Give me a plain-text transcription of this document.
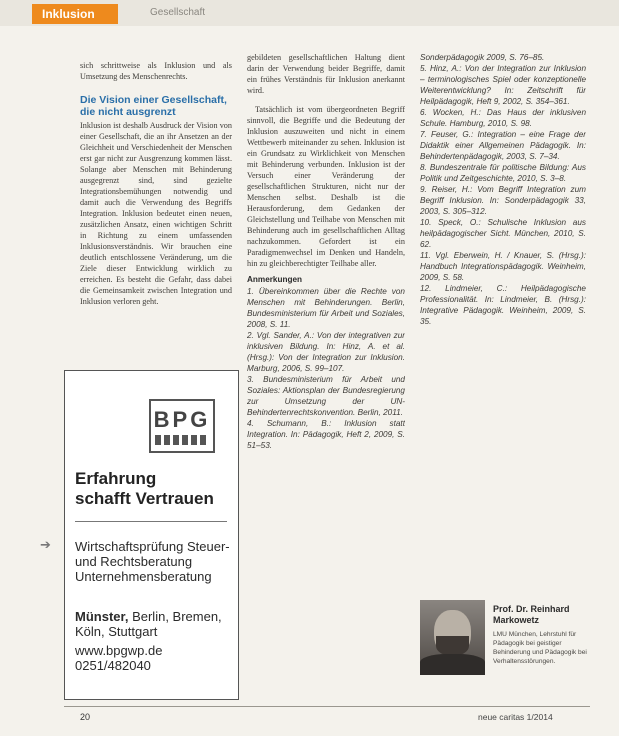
Inklusion	Gesellschaft

sich schrittweise als Inklusion und als Umsetzung des Menschenrechts.

Die Vision einer Gesellschaft,
die nicht ausgrenzt

Inklusion ist deshalb Ausdruck der Vision von einer Gesellschaft, die an ihr Ansetzen an der Gleichheit und Verschiedenheit der Menschen erst gar nicht zur Ausgrenzung kommen lässt. Solange aber Menschen mit Behinderung ausgegrenzt sind, sind gezielte Integrationsbemühungen notwendig und damit auch die Verwendung des Begriffs Integration. Inklusion bedeutet einen neuen, zusätzlichen Ansatz, einen wichtigen Schritt in Richtung zu einem umfassenden Inklusionsverständnis. Wir brauchen eine deutlich entschlossene Veränderung, um die Ziele dieser Entwicklung wirklich zu erreichen. Es besteht die Gefahr, dass dabei die Gemeinsamkeit zwischen Integration und Inklusion verloren geht.

gebildeten gesellschaftlichen Haltung dient darin der Verwendung beider Begriffe, damit ein frühes Verständnis für Inklusion anerkannt wird.

Tatsächlich ist vom übergeordneten Begriff sinnvoll, die Begriffe und die Bedeutung der Inklusion auszuweiten und nicht in einem Wettbewerb miteinander zu sehen. Inklusion ist ein Grundsatz zu Wirklichkeit von Menschen mit Behinderung verbunden. Inklusion ist der Versuch einer Veränderung der gesellschaftlichen Strukturen, nicht nur der Menschen selbst. Deshalb ist die Herausforderung, dem Gedanken der Gleichstellung und Teilhabe von Menschen mit Behinderung auch im gesellschaftlichen Alltag nachzukommen. Gefordert ist ein Paradigmenwechsel im Denken und Handeln, hin zu gleichberechtigter Teilhabe aller.

Anmerkungen

1. Übereinkommen über die Rechte von Menschen mit Behinderungen. Berlin, Bundesministerium für Arbeit und Soziales, 2008, S. 11.

2. Vgl. Sander, A.: Von der integrativen zur inklusiven Bildung. In: Hinz, A. et al. (Hrsg.): Von der Integration zur Inklusion. Marburg, 2006, S. 99–107.

3. Bundesministerium für Arbeit und Soziales: Aktionsplan der Bundesregierung zur Umsetzung der UN-Behindertenrechtskonvention. Berlin, 2011.

4. Schumann, B.: Inklusion statt Integration. In: Pädagogik, Heft 2, 2009, S. 51–53.

Sonderpädagogik 2009, S. 76–85.

5. Hinz, A.: Von der Integration zur Inklusion – terminologisches Spiel oder konzeptionelle Weiterentwicklung? In: Zeitschrift für Heilpädagogik, Heft 9, 2002, S. 354–361.

6. Wocken, H.: Das Haus der inklusiven Schule. Hamburg, 2010, S. 98.

7. Feuser, G.: Integration – eine Frage der Didaktik einer Allgemeinen Pädagogik. In: Behindertenpädagogik, 2003, S. 7–34.

8. Bundeszentrale für politische Bildung: Aus Politik und Zeitgeschichte, 2010, S. 3–8.

9. Reiser, H.: Vom Begriff Integration zum Begriff Inklusion. In: Sonderpädagogik 33, 2003, S. 305–312.

10. Speck, O.: Schulische Inklusion aus heilpädagogischer Sicht. München, 2010, S. 62.

11. Vgl. Eberwein, H. / Knauer, S. (Hrsg.): Handbuch Integrationspädagogik. Weinheim, 2009, S. 58.

12. Lindmeier, C.: Heilpädagogische Professionalität. In: Lindmeier, B. (Hrsg.): Integrative Pädagogik. Weinheim, 2009, S. 35.

BPG
Erfahrung
schafft Vertrauen
Wirtschaftsprüfung Steuer- und Rechtsberatung Unternehmensberatung
Münster, Berlin, Bremen, Köln, Stuttgart
www.bpgwp.de
0251/482040
➔

Prof. Dr. Reinhard

Markowetz

LMU München, Lehrstuhl für Pädagogik bei geistiger Behinderung und Pädagogik bei Verhaltensstörungen.

20	neue caritas 1/2014
